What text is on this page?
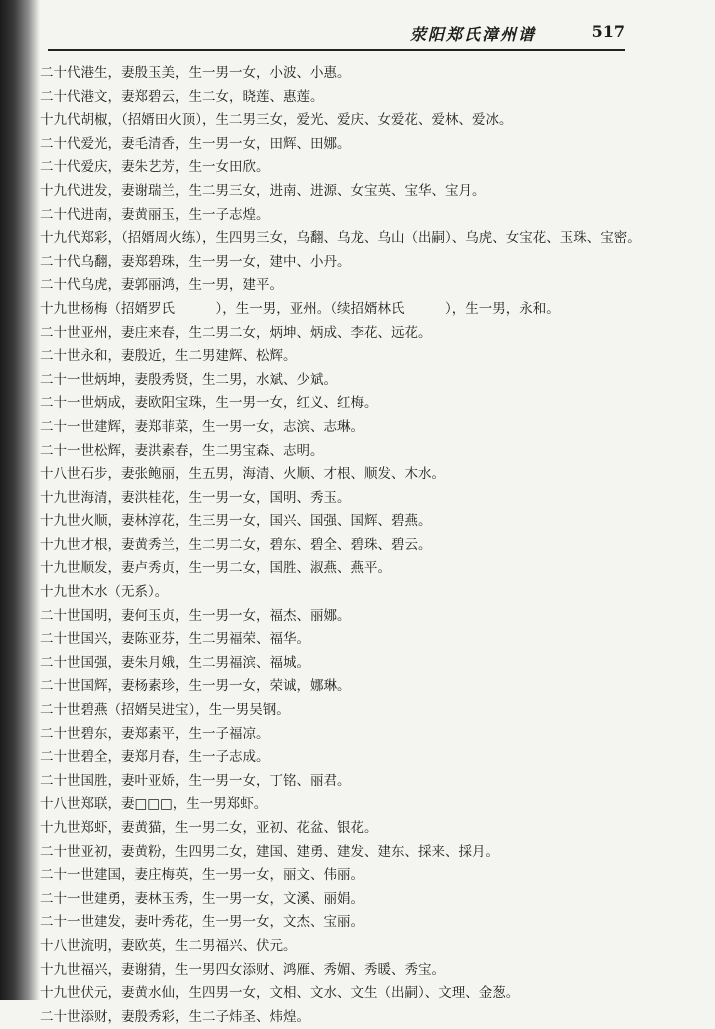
荥阳郑氏漳州谱	517
二十代港生，妻殷玉美，生一男一女，小波、小惠。
二十代港文，妻郑碧云，生二女，晓莲、惠莲。
十九代胡椒，（招婿田火顶），生二男三女，爱光、爱庆、女爱花、爱林、爱冰。
二十代爱光，妻毛清香，生一男一女，田辉、田娜。
二十代爱庆，妻朱艺芳，生一女田欣。
十九代进发，妻谢瑞兰，生二男三女，进南、进源、女宝英、宝华、宝月。
二十代进南，妻黄丽玉，生一子志煌。
十九代郑彩，（招婿周火练），生四男三女，乌翻、乌龙、乌山（出嗣）、乌虎、女宝花、玉珠、宝密。
二十代乌翻，妻郑碧珠，生一男一女，建中、小丹。
二十代乌虎，妻郭丽鸿，生一男，建平。
十九世杨梅（招婿罗氏　　　），生一男，亚州。（续招婿林氏　　　），生一男，永和。
二十世亚州，妻庄来春，生二男二女，炳坤、炳成、李花、远花。
二十世永和，妻殷近，生二男建辉、松辉。
二十一世炳坤，妻殷秀贤，生二男，水斌、少斌。
二十一世炳成，妻欧阳宝珠，生一男一女，红义、红梅。
二十一世建辉，妻郑菲菜，生一男一女，志滨、志琳。
二十一世松辉，妻洪素春，生二男宝森、志明。
十八世石步，妻张鲍丽，生五男，海清、火顺、才根、顺发、木水。
十九世海清，妻洪桂花，生一男一女，国明、秀玉。
十九世火顺，妻林淳花，生三男一女，国兴、国强、国辉、碧燕。
十九世才根，妻黄秀兰，生二男二女，碧东、碧全、碧珠、碧云。
十九世顺发，妻卢秀贞，生一男二女，国胜、淑燕、燕平。
十九世木水（无系）。
二十世国明，妻何玉贞，生一男一女，福杰、丽娜。
二十世国兴，妻陈亚芬，生二男福荣、福华。
二十世国强，妻朱月娥，生二男福滨、福城。
二十世国辉，妻杨素珍，生一男一女，荣诚，娜琳。
二十世碧燕（招婿吴进宝），生一男吴钢。
二十世碧东，妻郑素平，生一子福凉。
二十世碧全，妻郑月春，生一子志成。
二十世国胜，妻叶亚娇，生一男一女，丁铭、丽君。
十八世郑联，妻□□□，生一男郑虾。
十九世郑虾，妻黄猫，生一男二女，亚初、花盆、银花。
二十世亚初，妻黄粉，生四男二女，建国、建勇、建发、建东、採来、採月。
二十一世建国，妻庄梅英，生一男一女，丽文、伟丽。
二十一世建勇，妻林玉秀，生一男一女，文溪、丽娟。
二十一世建发，妻叶秀花，生一男一女，文杰、宝丽。
十八世流明，妻欧英，生二男福兴、伏元。
十九世福兴，妻谢猜，生一男四女添财、鸿雁、秀媚、秀暖、秀宝。
十九世伏元，妻黄水仙，生四男一女，文相、文水、文生（出嗣）、文理、金葱。
二十世添财，妻殷秀彩，生二子炜圣、炜煌。
